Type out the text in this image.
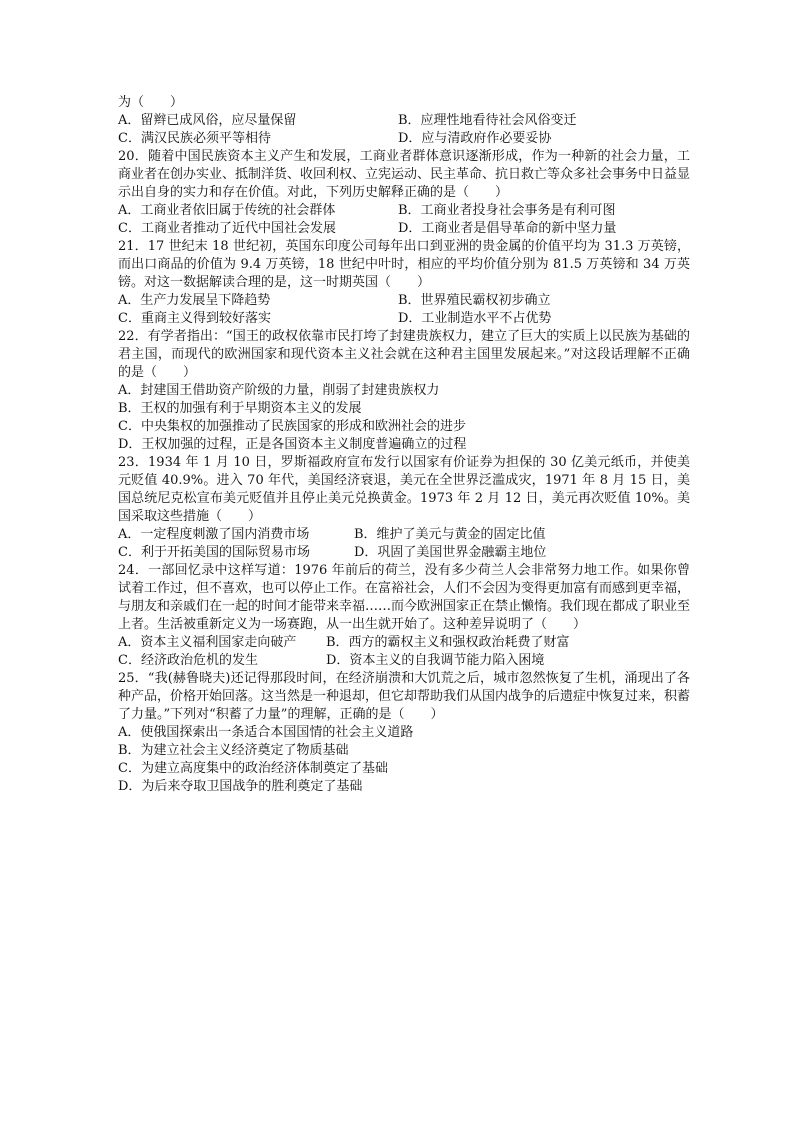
为（　　）
A．留辫已成风俗，应尽量保留	B．应理性地看待社会风俗变迁
C．满汉民族必须平等相待	D．应与清政府作必要妥协
20．随着中国民族资本主义产生和发展，工商业者群体意识逐渐形成，作为一种新的社会力量，工商业者在创办实业、抵制洋货、收回利权、立宪运动、民主革命、抗日救亡等众多社会事务中日益显示出自身的实力和存在价值。对此，下列历史解释正确的是（　　）
A．工商业者依旧属于传统的社会群体	B．工商业者投身社会事务是有利可图
C．工商业者推动了近代中国社会发展	D．工商业者是倡导革命的新中坚力量
21．17 世纪末 18 世纪初，英国东印度公司每年出口到亚洲的贵金属的价值平均为 31.3 万英镑，而出口商品的价值为 9.4 万英镑，18 世纪中叶时，相应的平均价值分别为 81.5 万英镑和 34 万英镑。对这一数据解读合理的是，这一时期英国（　　）
A．生产力发展呈下降趋势	B．世界殖民霸权初步确立
C．重商主义得到较好落实	D．工业制造水平不占优势
22．有学者指出：“国王的政权依靠市民打垮了封建贵族权力，建立了巨大的实质上以民族为基础的君主国，而现代的欧洲国家和现代资本主义社会就在这种君主国里发展起来。”对这段话理解不正确的是（　　）
A．封建国王借助资产阶级的力量，削弱了封建贵族权力
B．王权的加强有利于早期资本主义的发展
C．中央集权的加强推动了民族国家的形成和欧洲社会的进步
D．王权加强的过程，正是各国资本主义制度普遍确立的过程
23．1934 年 1 月 10 日，罗斯福政府宣布发行以国家有价证券为担保的 30 亿美元纸币，并使美元贬值 40.9%。进入 70 年代，美国经济衰退，美元在全世界泛滥成灾，1971 年 8 月 15 日，美国总统尼克松宣布美元贬值并且停止美元兑换黄金。1973 年 2 月 12 日，美元再次贬值 10%。美国采取这些措施（　　）
A．一定程度刺激了国内消费市场	B．维护了美元与黄金的固定比值
C．利于开拓美国的国际贸易市场	D．巩固了美国世界金融霸主地位
24．一部回忆录中这样写道：1976 年前后的荷兰，没有多少荷兰人会非常努力地工作。如果你曾试着工作过，但不喜欢，也可以停止工作。在富裕社会，人们不会因为变得更加富有而感到更幸福，与朋友和亲戚们在一起的时间才能带来幸福……而今欧洲国家正在禁止懒惰。我们现在都成了职业至上者。生活被重新定义为一场赛跑，从一出生就开始了。这种差异说明了（　　）
A．资本主义福利国家走向破产	B．西方的霸权主义和强权政治耗费了财富
C．经济政治危机的发生	D．资本主义的自我调节能力陷入困境
25．“我(赫鲁晓夫)还记得那段时间，在经济崩溃和大饥荒之后，城市忽然恢复了生机，涌现出了各种产品，价格开始回落。这当然是一种退却，但它却帮助我们从国内战争的后遗症中恢复过来，积蓄了力量。”下列对“积蓄了力量”的理解，正确的是（　　）
A．使俄国探索出一条适合本国国情的社会主义道路
B．为建立社会主义经济奠定了物质基础
C．为建立高度集中的政治经济体制奠定了基础
D．为后来夺取卫国战争的胜利奠定了基础
